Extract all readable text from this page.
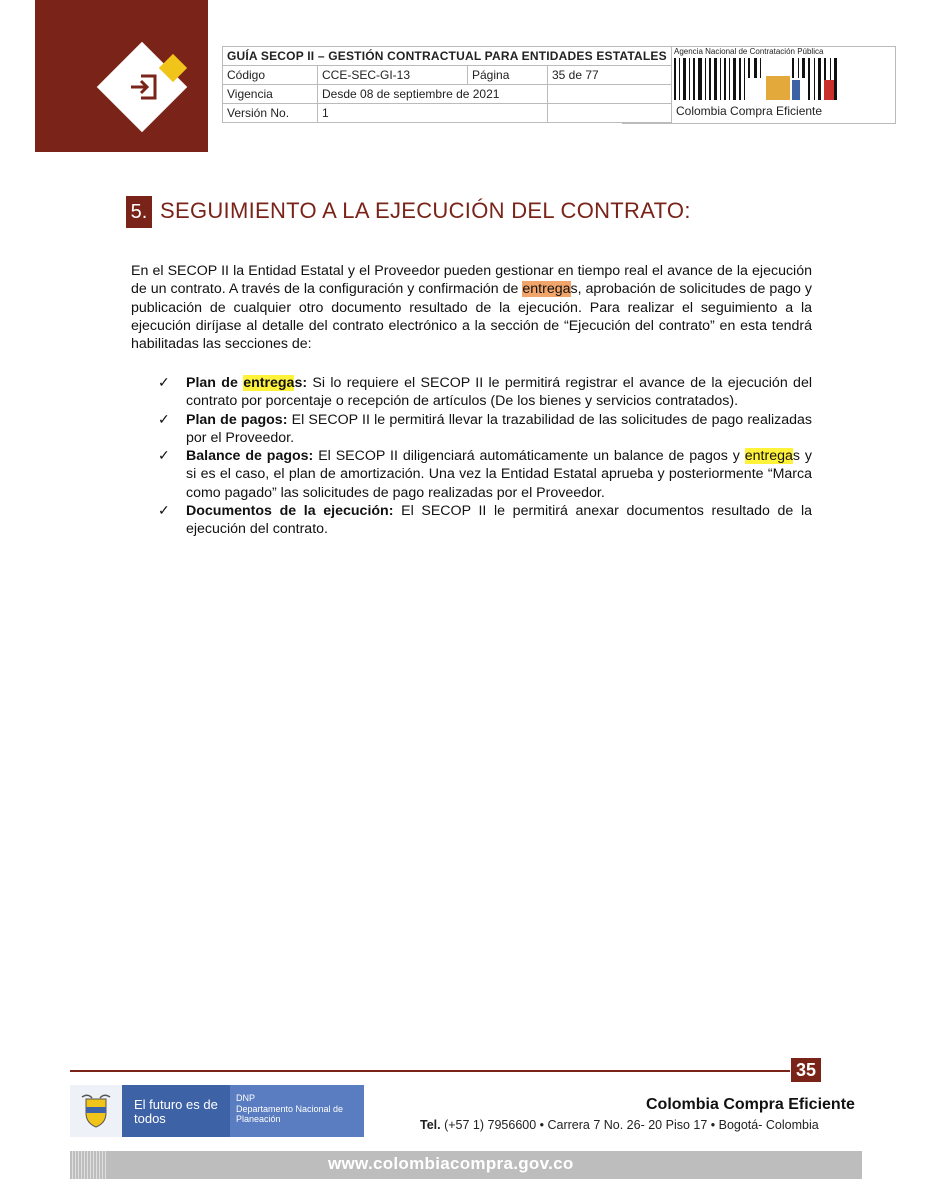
GUÍA SECOP II – GESTIÓN CONTRACTUAL PARA ENTIDADES ESTATALES			
Código	CCE-SEC-GI-13	Página	35 de 77
Vigencia	Desde 08 de septiembre de 2021		
Versión No.	1		
Agencia Nacional de Contratación Pública
Colombia Compra Eficiente
5. SEGUIMIENTO A LA EJECUCIÓN DEL CONTRATO:

En el SECOP II la Entidad Estatal y el Proveedor pueden gestionar en tiempo real el avance de la ejecución de un contrato. A través de la configuración y confirmación de entregas, aprobación de solicitudes de pago y publicación de cualquier otro documento resultado de la ejecución. Para realizar el seguimiento a la ejecución diríjase al detalle del contrato electrónico a la sección de “Ejecución del contrato” en esta tendrá habilitadas las secciones de:

✓ Plan de entregas: Si lo requiere el SECOP II le permitirá registrar el avance de la ejecución del contrato por porcentaje o recepción de artículos (De los bienes y servicios contratados).
✓ Plan de pagos: El SECOP II le permitirá llevar la trazabilidad de las solicitudes de pago realizadas por el Proveedor.
✓ Balance de pagos: El SECOP II diligenciará automáticamente un balance de pagos y entregas y si es el caso, el plan de amortización. Una vez la Entidad Estatal aprueba y posteriormente “Marca como pagado” las solicitudes de pago realizadas por el Proveedor.
✓ Documentos de la ejecución: El SECOP II le permitirá anexar documentos resultado de la ejecución del contrato.
35
El futuro es de todos
DNP
Departamento Nacional de Planeación
Colombia Compra Eficiente
Tel. (+57 1) 7956600 • Carrera 7 No. 26- 20 Piso 17 • Bogotá- Colombia
www.colombiacompra.gov.co
